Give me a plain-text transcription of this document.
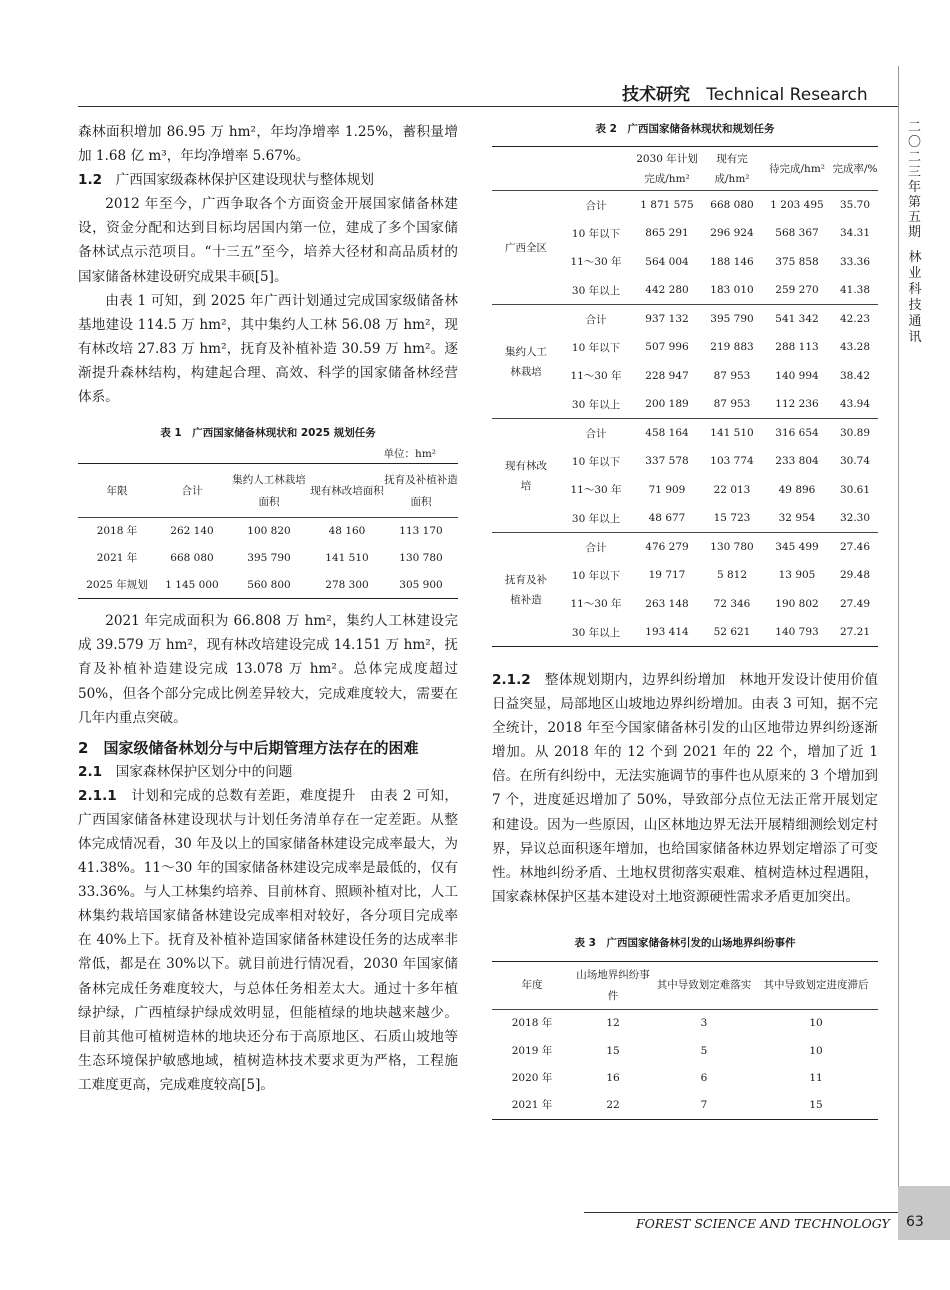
技术研究 Technical Research
二〇二三年第五期
林业科技通讯

森林面积增加 86.95 万 hm²，年均净增率 1.25%，蓄积量增加 1.68 亿 m³，年均净增率 5.67%。

1.2　 广西国家级森林保护区建设现状与整体规划

2012 年至今，广西争取各个方面资金开展国家储备林建设，资金分配和达到目标均居国内第一位，建成了多个国家储备林试点示范项目。“十三五”至今，培养大径材和高品质材的国家储备林建设研究成果丰硕[5]。

由表 1 可知，到 2025 年广西计划通过完成国家级储备林基地建设 114.5 万 hm²，其中集约人工林 56.08 万 hm²，现有林改培 27.83 万 hm²，抚育及补植补造 30.59 万 hm²。逐渐提升森林结构，构建起合理、高效、科学的国家储备林经营体系。

表 1　广西国家储备林现状和 2025 规划任务

单位：hm²
年限	合计	集约人工林栽培面积	现有林改培面积	抚育及补植补造面积
2018 年	262 140	100 820	48 160	113 170
2021 年	668 080	395 790	141 510	130 780
2025 年规划	1 145 000	560 800	278 300	305 900

2021 年完成面积为 66.808 万 hm²，集约人工林建设完成 39.579 万 hm²，现有林改培建设完成 14.151 万 hm²，抚育及补植补造建设完成 13.078 万 hm²。总体完成度超过 50%，但各个部分完成比例差异较大，完成难度较大，需要在几年内重点突破。

2　 国家级储备林划分与中后期管理方法存在的困难

2.1　 国家森林保护区划分中的问题

2.1.1　 计划和完成的总数有差距，难度提升　 由表 2 可知，广西国家储备林建设现状与计划任务清单存在一定差距。从整体完成情况看，30 年及以上的国家储备林建设完成率最大，为 41.38%。11～30 年的国家储备林建设完成率是最低的，仅有 33.36%。与人工林集约培养、目前林育、照顾补植对比，人工林集约栽培国家储备林建设完成率相对较好，各分项目完成率在 40%上下。抚育及补植补造国家储备林建设任务的达成率非常低，都是在 30%以下。就目前进行情况看，2030 年国家储备林完成任务难度较大，与总体任务相差太大。通过十多年植绿护绿，广西植绿护绿成效明显，但能植绿的地块越来越少。目前其他可植树造林的地块还分布于高原地区、石质山坡地等生态环境保护敏感地域，植树造林技术要求更为严格，工程施工难度更高，完成难度较高[5]。

表 2　广西国家储备林现状和规划任务

		2030 年计划完成/hm²	现有完成/hm²	待完成/hm²	完成率/%
广西全区	合计	1 871 575	668 080	1 203 495	35.70
	10 年以下	865 291	296 924	568 367	34.31
	11～30 年	564 004	188 146	375 858	33.36
	30 年以上	442 280	183 010	259 270	41.38
集约人工林栽培	合计	937 132	395 790	541 342	42.23
	10 年以下	507 996	219 883	288 113	43.28
	11～30 年	228 947	87 953	140 994	38.42
	30 年以上	200 189	87 953	112 236	43.94
现有林改培	合计	458 164	141 510	316 654	30.89
	10 年以下	337 578	103 774	233 804	30.74
	11～30 年	71 909	22 013	49 896	30.61
	30 年以上	48 677	15 723	32 954	32.30
抚育及补植补造	合计	476 279	130 780	345 499	27.46
	10 年以下	19 717	5 812	13 905	29.48
	11～30 年	263 148	72 346	190 802	27.49
	30 年以上	193 414	52 621	140 793	27.21

2.1.2　 整体规划期内，边界纠纷增加　 林地开发设计使用价值日益突显，局部地区山坡地边界纠纷增加。由表 3 可知，据不完全统计，2018 年至今国家储备林引发的山区地带边界纠纷逐渐增加。从 2018 年的 12 个到 2021 年的 22 个，增加了近 1 倍。在所有纠纷中，无法实施调节的事件也从原来的 3 个增加到 7 个，进度延迟增加了 50%，导致部分点位无法正常开展划定和建设。因为一些原因，山区林地边界无法开展精细测绘划定村界，异议总面积逐年增加，也给国家储备林边界划定增添了可变性。林地纠纷矛盾、土地权贯彻落实艰难、植树造林过程遇阻，国家森林保护区基本建设对土地资源硬性需求矛盾更加突出。

表 3　广西国家储备林引发的山场地界纠纷事件

年度	山场地界纠纷事件	其中导致划定难落实	其中导致划定进度滞后
2018 年	12	3	10
2019 年	15	5	10
2020 年	16	6	11
2021 年	22	7	15
FOREST SCIENCE AND TECHNOLOGY 63
